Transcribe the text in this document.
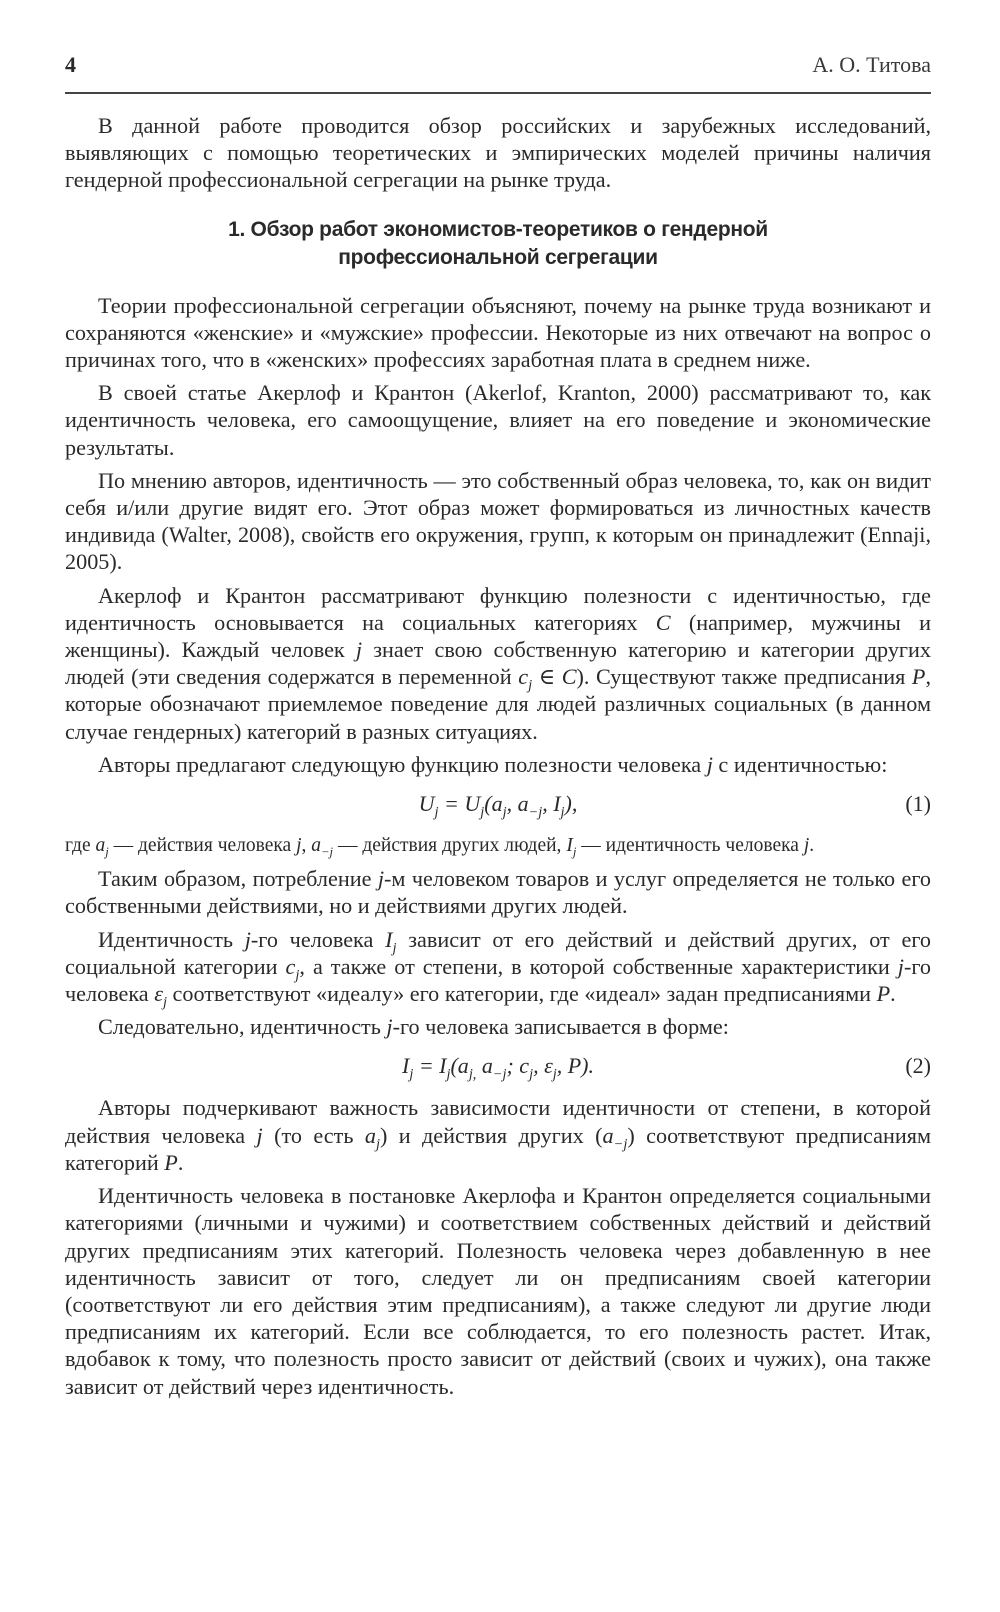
4	А. О. Титова

В данной работе проводится обзор российских и зарубежных исследований, выявляющих с помощью теоретических и эмпирических моделей причины наличия гендерной профессиональной сегрегации на рынке труда.

1. Обзор работ экономистов-теоретиков о гендерной
профессиональной сегрегации

Теории профессиональной сегрегации объясняют, почему на рынке труда возникают и сохраняются «женские» и «мужские» профессии. Некоторые из них отвечают на вопрос о причинах того, что в «женских» профессиях заработная плата в среднем ниже.

В своей статье Акерлоф и Крантон (Akerlof, Kranton, 2000) рассматривают то, как идентичность человека, его самоощущение, влияет на его поведение и экономические результаты.

По мнению авторов, идентичность — это собственный образ человека, то, как он видит себя и/или другие видят его. Этот образ может формироваться из личностных качеств индивида (Walter, 2008), свойств его окружения, групп, к которым он принадлежит (Ennaji, 2005).

Акерлоф и Крантон рассматривают функцию полезности с идентичностью, где идентичность основывается на социальных категориях C (например, мужчины и женщины). Каждый человек j знает свою собственную категорию и категории других людей (эти сведения содержатся в переменной $c_j$ ∈ C). Существуют также предписания P, которые обозначают приемлемое поведение для людей различных социальных (в данном случае гендерных) категорий в разных ситуациях.

Авторы предлагают следующую функцию полезности человека j с идентичностью:

$U_j = U_j(a_j$, $a_{-j}$, $I_j$),	(1)

где $a_j$ — действия человека j, $a_{-j}$ — действия других людей, $I_j$ — идентичность человека j.

Таким образом, потребление j-м человеком товаров и услуг определяется не только его собственными действиями, но и действиями других людей.

Идентичность j-го человека $I_j$ зависит от его действий и действий других, от его социальной категории $c_j$, а также от степени, в которой собственные характеристики j-го человека $\varepsilon_j$ соответствуют «идеалу» его категории, где «идеал» задан предписаниями P.

Следовательно, идентичность j-го человека записывается в форме:

$I_j = I_j(a_{j,}$ $a_{-j}$; $c_j$, $\varepsilon_j$, P).	(2)

Авторы подчеркивают важность зависимости идентичности от степени, в которой действия человека j (то есть $a_j$) и действия других $(a_{-j})$ соответствуют предписаниям категорий P.

Идентичность человека в постановке Акерлофа и Крантон определяется социальными категориями (личными и чужими) и соответствием собственных действий и действий других предписаниям этих категорий. Полезность человека через добавленную в нее идентичность зависит от того, следует ли он предписаниям своей категории (соответствуют ли его действия этим предписаниям), а также следуют ли другие люди предписаниям их категорий. Если все соблюдается, то его полезность растет. Итак, вдобавок к тому, что полезность просто зависит от действий (своих и чужих), она также зависит от действий через идентичность.
